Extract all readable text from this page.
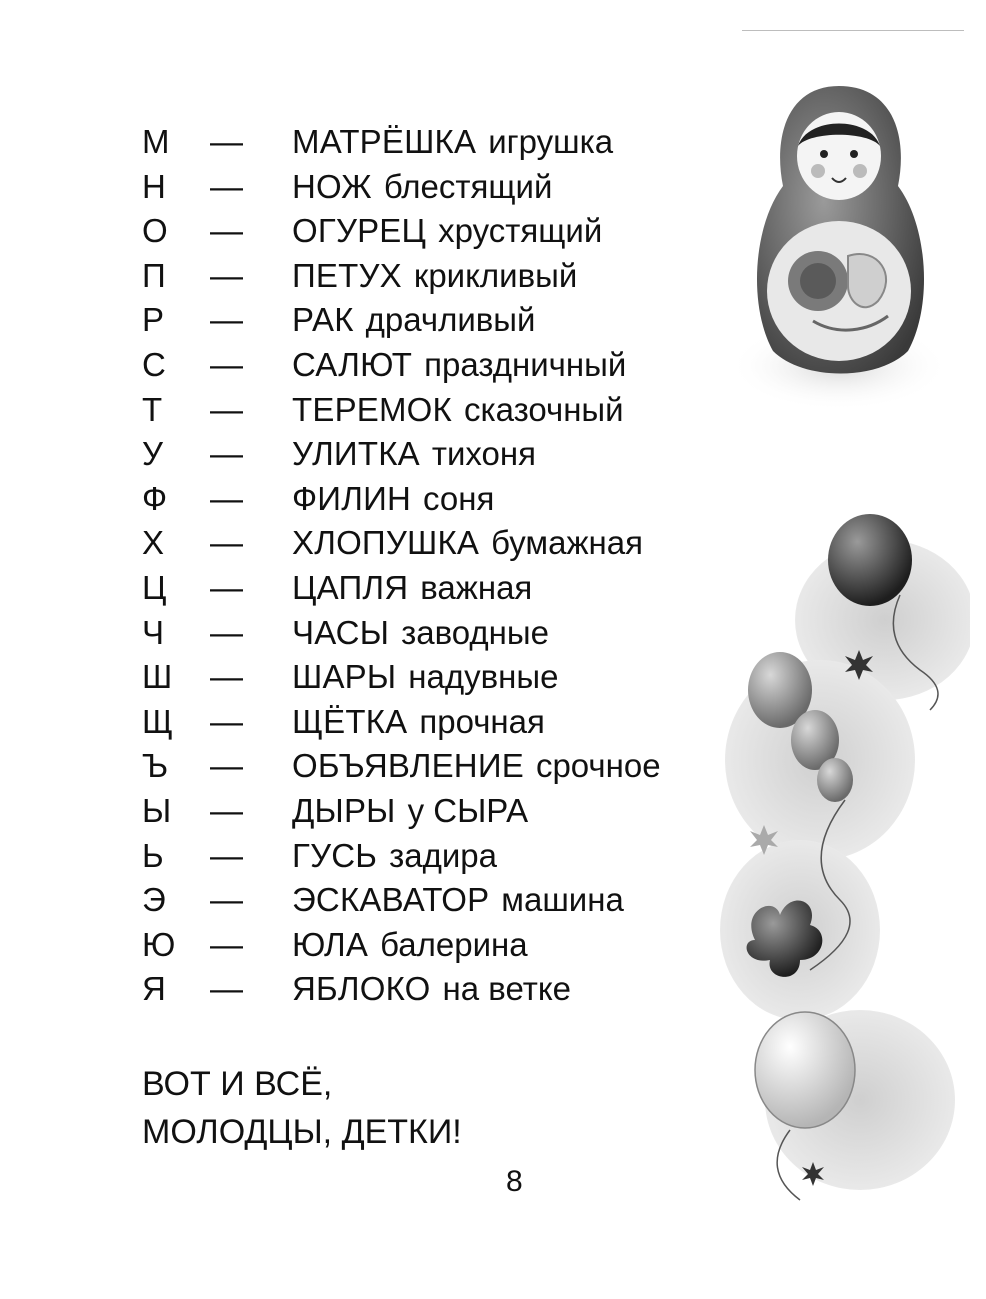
М — МАТРЁШКА игрушка
Н — НОЖ блестящий
О — ОГУРЕЦ хрустящий
П — ПЕТУХ крикливый
Р — РАК драчливый
С — САЛЮТ праздничный
Т — ТЕРЕМОК сказочный
У — УЛИТКА тихоня
Ф — ФИЛИН соня
Х — ХЛОПУШКА бумажная
Ц — ЦАПЛЯ важная
Ч — ЧАСЫ заводные
Ш — ШАРЫ надувные
Щ — ЩЁТКА прочная
Ъ — ОБЪЯВЛЕНИЕ срочное
Ы — ДЫРЫ у СЫРА
Ь — ГУСЬ задира
Э — ЭСКАВАТОР машина
Ю — ЮЛА балерина
Я — ЯБЛОКО на ветке
ВОТ И ВСЁ,
МОЛОДЦЫ, ДЕТКИ!
8
